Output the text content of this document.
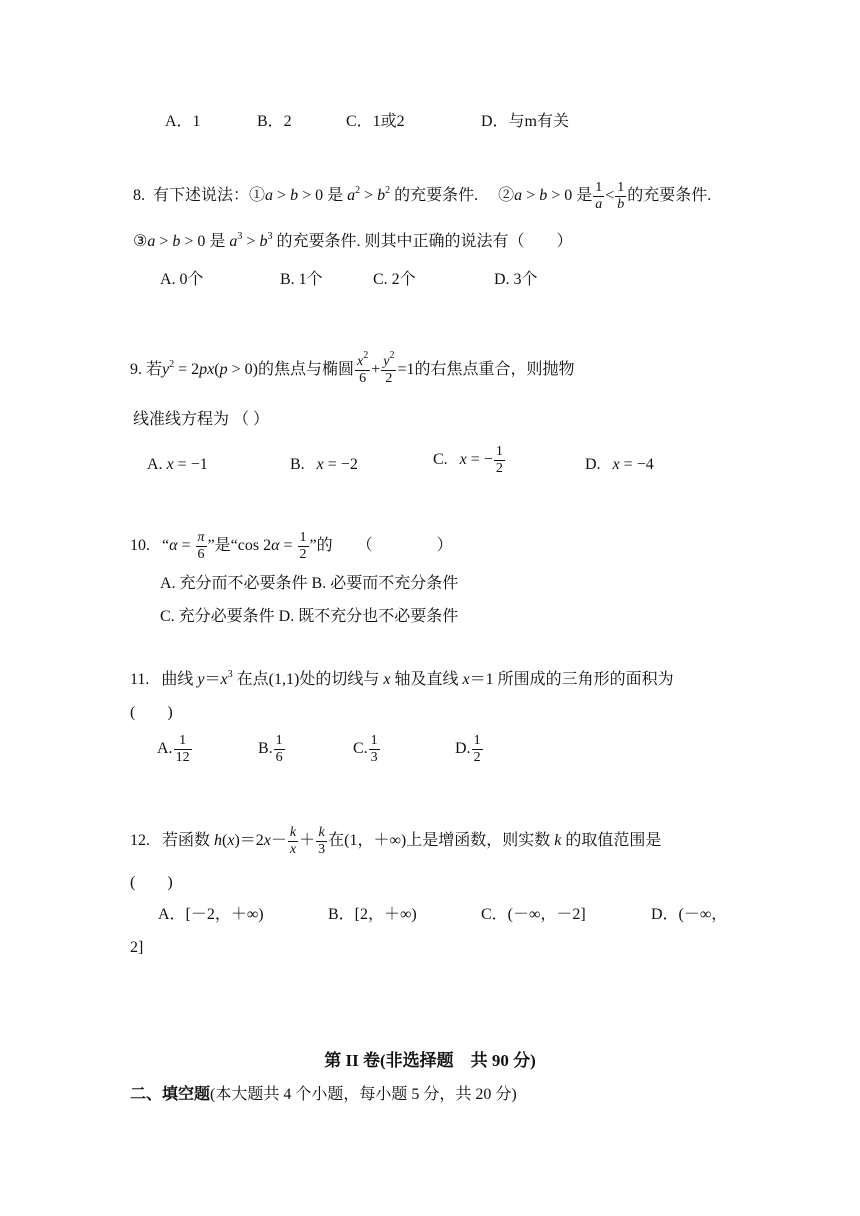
A．1	B．2	C．1或2	D．与m有关
8. 有下述说法：①a > b > 0 是 $a^2 > b^2$ 的充要条件. ②a > b > 0 是 $\frac{1}{a} < \frac{1}{b}$ 的充要条件.
③a > b > 0 是 $a^3 > b^3$ 的充要条件. 则其中正确的说法有（　　）
A. 0个	B. 1个	C. 2个	D. 3个
9. 若$y^2 = 2px(p > 0)$的焦点与椭圆 $\frac{x^2}{6} + \frac{y^2}{2} =1$的右焦点重合，则抛物
线准线方程为 （ ）
A. x = −1	B. x = −2	C. x = − $\frac{1}{2}$	D. x = −4
10. “$\alpha = \frac{\pi}{6}$ ”是“cos $2\alpha = \frac{1}{2}$ ”的　　（　　　　）
A. 充分而不必要条件 B. 必要而不充分条件
C. 充分必要条件 D. 既不充分也不必要条件
11. 曲线 $y=x^3$ 在点(1,1)处的切线与 x 轴及直线 x＝1 所围成的三角形的面积为
(　　)
A. $\frac{1}{12}$	B. $\frac{1}{6}$	C. $\frac{1}{3}$	D. $\frac{1}{2}$
12. 若函数 $h(x)=2x- \frac{k}{x} + \frac{k}{3}$ 在(1，＋∞)上是增函数，则实数 k 的取值范围是
(　　)
A．[－2，＋∞)	B．[2，＋∞)	C．(－∞，－2]	D．(－∞，
2]
第 II 卷(非选择题　共 90 分)
二、填空题(本大题共 4 个小题，每小题 5 分，共 20 分)
